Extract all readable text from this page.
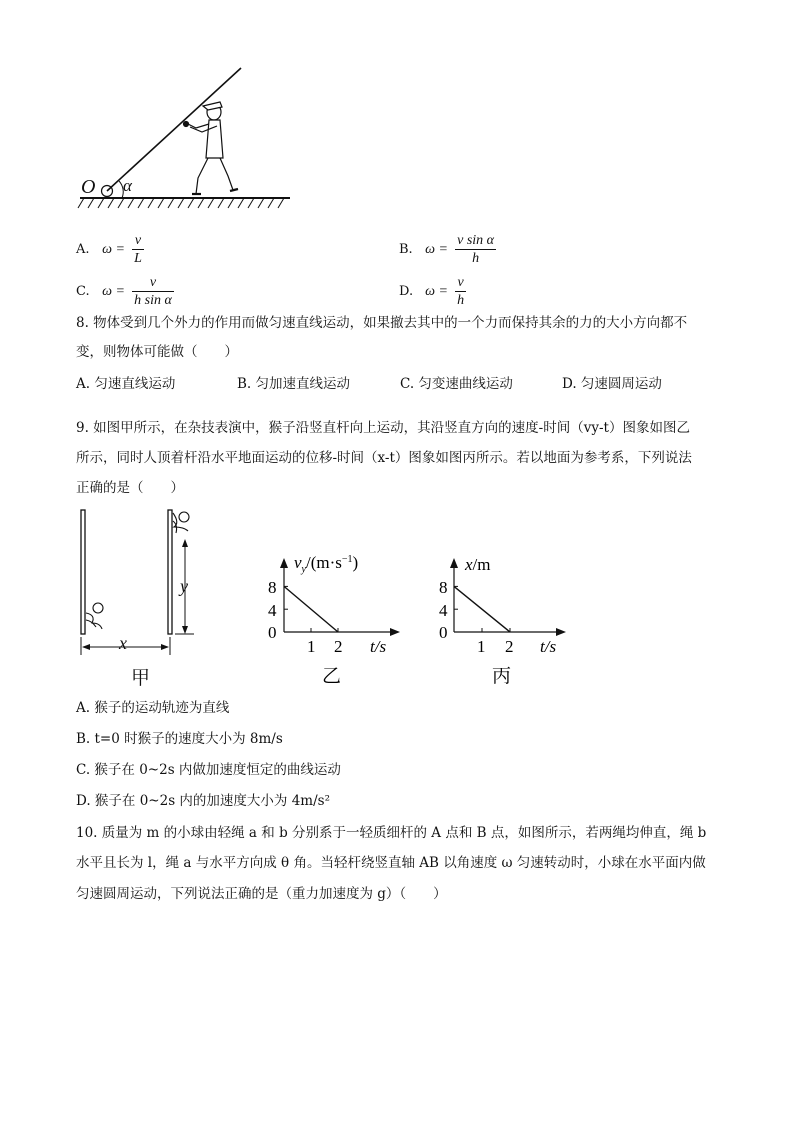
O α
A. $\omega = \frac{v}{L}$	B. $\omega = \frac{\text{v sin α}}{h}$
C. $\omega = \frac{v}{\text{h sin α}}$	D. $\omega = \frac{v}{h}$
8. 物体受到几个外力的作用而做匀速直线运动，如果撤去其中的一个力而保持其余的力的大小方向都不
变，则物体可能做（　　）
A. 匀速直线运动	B. 匀加速直线运动	C. 匀变速曲线运动	D. 匀速圆周运动
9. 如图甲所示，在杂技表演中，猴子沿竖直杆向上运动，其沿竖直方向的速度-时间（vy-t）图象如图乙
所示，同时人顶着杆沿水平地面运动的位移-时间（x-t）图象如图丙所示。若以地面为参考系，下列说法
正确的是（　　）
y
x
甲
$v_y/(m\cdot s^{-1})$
t/s
8
4
0
1 2
乙
x/m
t/s
8
4
0
1 2
丙
A. 猴子的运动轨迹为直线
B. t=0 时猴子的速度大小为 8m/s
C. 猴子在 0~2s 内做加速度恒定的曲线运动
D. 猴子在 0~2s 内的加速度大小为 4m/s²
10. 质量为 m 的小球由轻绳 a 和 b 分别系于一轻质细杆的 A 点和 B 点，如图所示，若两绳均伸直，绳 b
水平且长为 l，绳 a 与水平方向成 θ 角。当轻杆绕竖直轴 AB 以角速度 ω 匀速转动时，小球在水平面内做
匀速圆周运动，下列说法正确的是（重力加速度为 g）（　　）
